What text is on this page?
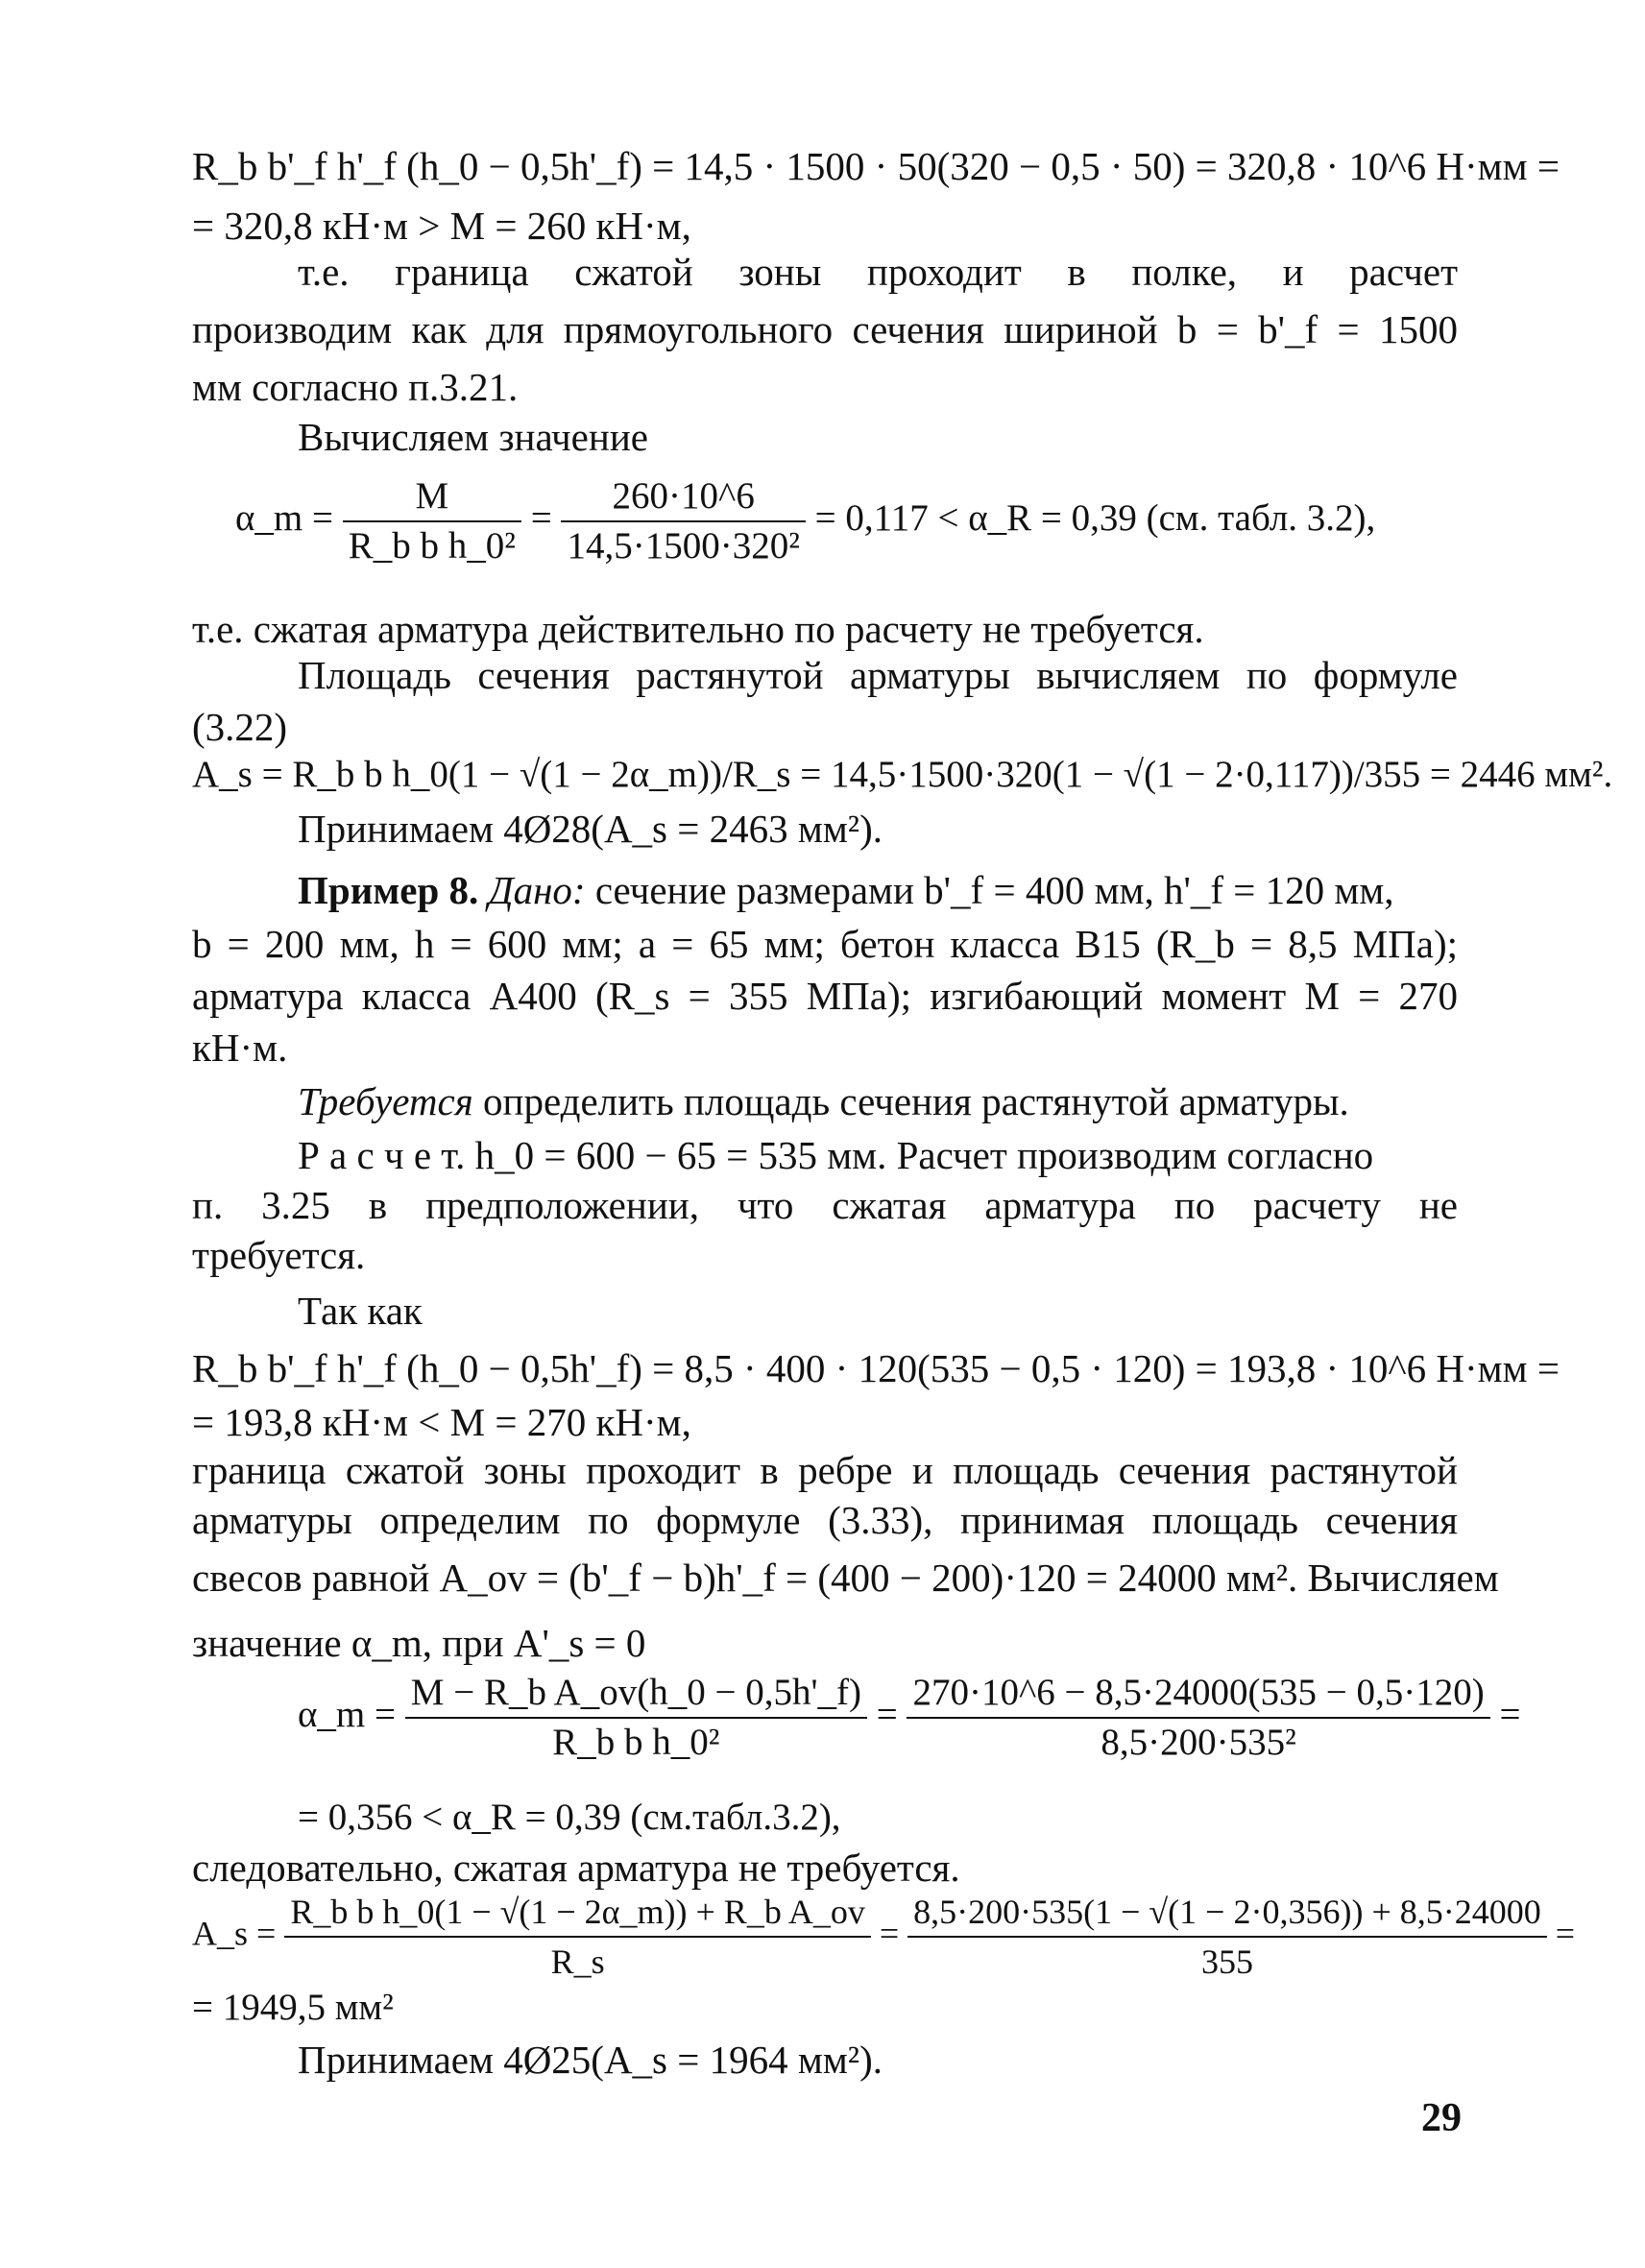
R_b b'_f h'_f (h_0 − 0,5h'_f) = 14,5 · 1500 · 50(320 − 0,5 · 50) = 320,8 · 10^6 Н·мм =
= 320,8 кН·м > M = 260 кН·м,
т.е. граница сжатой зоны проходит в полке, и расчет
производим как для прямоугольного сечения шириной b = b'_f = 1500
мм согласно п.3.21.
Вычисляем значение
α_m = $\frac{M}{\text{R\_b b h\_0²}} = \frac{260\cdot 10\^{}6}{\text{14,5·1500·320²}} = 0,117$ < α_R = 0,39 (см. табл. 3.2),
т.е. сжатая арматура действительно по расчету не требуется.
Площадь сечения растянутой арматуры вычисляем по формуле
(3.22)
A_s = R_b b h_0(1 − √(1 − 2α_m))/R_s = 14,5·1500·320(1 − √(1 − 2·0,117))/355 = 2446 мм².
Принимаем 4Ø28(A_s = 2463 мм²).
Пример 8. Дано: сечение размерами b'_f = 400 мм, h'_f = 120 мм,
b = 200 мм, h = 600 мм; a = 65 мм; бетон класса В15 (R_b = 8,5 МПа);
арматура класса А400 (R_s = 355 МПа); изгибающий момент M = 270
кН·м.
Требуется определить площадь сечения растянутой арматуры.
Р а с ч е т. h_0 = 600 − 65 = 535 мм. Расчет производим согласно
п. 3.25 в предположении, что сжатая арматура по расчету не
требуется.
Так как
R_b b'_f h'_f (h_0 − 0,5h'_f) = 8,5 · 400 · 120(535 − 0,5 · 120) = 193,8 · 10^6 Н·мм =
= 193,8 кН·м < M = 270 кН·м,
граница сжатой зоны проходит в ребре и площадь сечения растянутой
арматуры определим по формуле (3.33), принимая площадь сечения
свесов равной A_ov = (b'_f − b)h'_f = (400 − 200)·120 = 24000 мм². Вычисляем
значение α_m, при A'_s = 0
α_m = $\frac{\text{M − R\_b A\_ov(h\_0 − 0,5h'\_f)}}{\text{R\_b b h\_0²}} = \frac{270\cdot 10\^{}6 - 8,5\cdot 24000(535 - 0,5\cdot 120)}{\text{8,5·200·535²}}$ =
= 0,356 < α_R = 0,39 (см.табл.3.2),
следовательно, сжатая арматура не требуется.
A_s = $\frac{\text{R\_b b h\_0(1 − √(1 − 2α\_m)) + R\_b A\_ov}}{R\_s} = \frac{8,5\cdot 200\cdot 535(1 - √(1 - 2\cdot 0,356)) + 8,5\cdot 24000}{355}$ =
= 1949,5 мм²
Принимаем 4Ø25(A_s = 1964 мм²).
29
